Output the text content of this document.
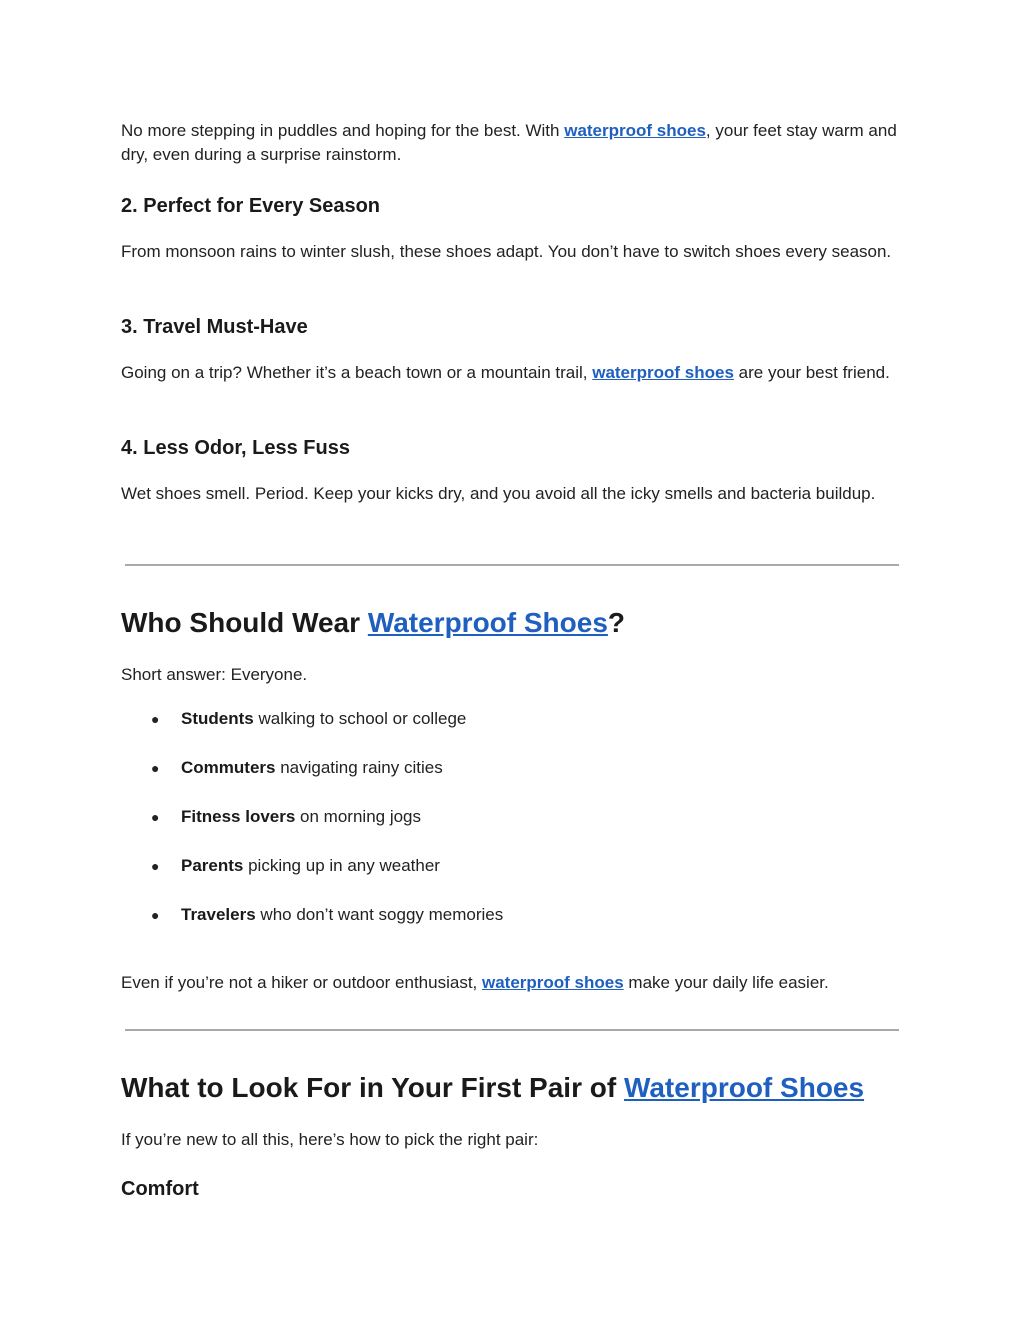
No more stepping in puddles and hoping for the best. With waterproof shoes, your feet stay warm and dry, even during a surprise rainstorm.

2. Perfect for Every Season

From monsoon rains to winter slush, these shoes adapt. You don’t have to switch shoes every season.

3. Travel Must-Have

Going on a trip? Whether it’s a beach town or a mountain trail, waterproof shoes are your best friend.

4. Less Odor, Less Fuss

Wet shoes smell. Period. Keep your kicks dry, and you avoid all the icky smells and bacteria buildup.

Who Should Wear Waterproof Shoes?

Short answer: Everyone.

● Students walking to school or college
● Commuters navigating rainy cities
● Fitness lovers on morning jogs
● Parents picking up in any weather
● Travelers who don’t want soggy memories

Even if you’re not a hiker or outdoor enthusiast, waterproof shoes make your daily life easier.

What to Look For in Your First Pair of Waterproof Shoes

If you’re new to all this, here’s how to pick the right pair:

Comfort
